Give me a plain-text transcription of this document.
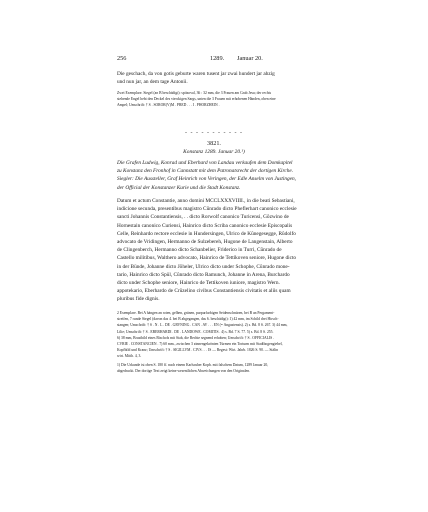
256	1289. Januar 20.
Die geschach, da von gotis geburte waren tusent jar zwai hundert jar ahzig
und nun jar, an dem tage Antonii.
Zwei Exemplare. Siegel (an B beschädigt): spitzoval, 36 : 32 mm, die 3 Frauen am Grab Jesu; der rechts
stehende Engel hebt den Deckel des vierckigen Sargs, unten die 3 Frauen mit erhobenen Händen, oben eine
Ampel; Umschrift: † S . SOROR(V)M . PRED . . . I . PHORZHEIN .
- - - - - - - - - - -
3821.
Konstanz 1289. Januar 20.¹)
Die Grafen Ludwig, Konrad und Eberhard von Landau verkaufen dem Domkapitel
zu Konstanz den Fronhof in Cannstatt mit dem Patronatsrecht der dortigen Kirche.
Siegler: Die Aussteller, Graf Heinrich von Veringen, der Edle Anselm von Justingen,
der Official der Konstanzer Kurie und die Stadt Konstanz.
Datum et actum Constantie, anno domini MCCLXXXVIIII., in die beati Sebastiani,
indicione secunda, presentibus magistro Cŭnrado dicto Pheflerhart canonico ecclesie
sancti Johannis Constantiensis, . . dicto Rorwolf canonico Turicensi, Gŏzwino de
Hornestain canonico Curiensi, Hainrico dicto Scriba canonico ecclesie Episcopalis
Celle, Reinhardo rectore ecclesie in Hundersingen, Ulrico de Kŭnegesegge, Rŭdolfo
advocato de Vridingen, Hermanno de Sulzebereh, Hugone de Langenstain, Alberto
de Clingenberch, Hermanno dicto Schanbelier, Friderico in Turri, Cŭnrado de
Castello militibus, Walthero advocato, Hainrico de Tettikoven seniore, Hugone dicto
in der Bünde, Johanne dicto Jŏheler, Ulrico dicto under Schophe, Cŭnrado mone-
tario, Hainrico dicto Spül, Cŭnrado dicto Ramunch, Johanne in Arena, Burchardo
dicto under Schophe seniore, Hainrico de Tettikoven iuniore, magistro Wern.
appotekario, Eberhardo de Crŭzelino civibus Constantiensis civitatis et aliis quam
pluribus fide dignis.
2 Exemplare. Bei A hängen an roten, gelben, grünen, purpurfarbigen Seidenschnüren, bei B an Pergament-
streifen, 7 runde Siegel (davon das 4. bei B abgegangen, das 6. beschädigt): 1) 42 mm, im Schild drei Hirsch-
stangen; Umschrift: † S . N . L . DE . GRVNING . CAN . AV . . . EN (= Angustensis). 2) s. Bd. 8 S. 267. 3) 44 mm,
Lilie; Umschrift: † S . EBERHARDI . DE . LANDOWE . COMITIS . 4) s. Bd. 7 S. 77. 5) s. Bd. 8 S. 255.
6) 38 mm, Brustbild eines Bischofs mit Stab, die Rechte segnend erhoben; Umschrift: † S . OFFICIALIS .
CVRIE . CONSTANCIEN . 7) 60 mm., zwischen 3 zinnengekrönten Türmen ein Torturm mit Stadtbogengiebel,
Kopfbild und Kranz; Umschrift: † S . SIGILLVM . CIVS . . . IS — Regest: Wirt. Jahrb. 1826 S. 90. — Stälin
wirt. Mitth. 4, 3.
1) Die Urkunde ist oben S. 180 ff. nach einem Karlsruher Kopb. mit falschem Datum, 1289 Januar 20,
abgedruckt. Der dortige Text zeigt keine wesentlichen Abweichungen von den Originalen.
